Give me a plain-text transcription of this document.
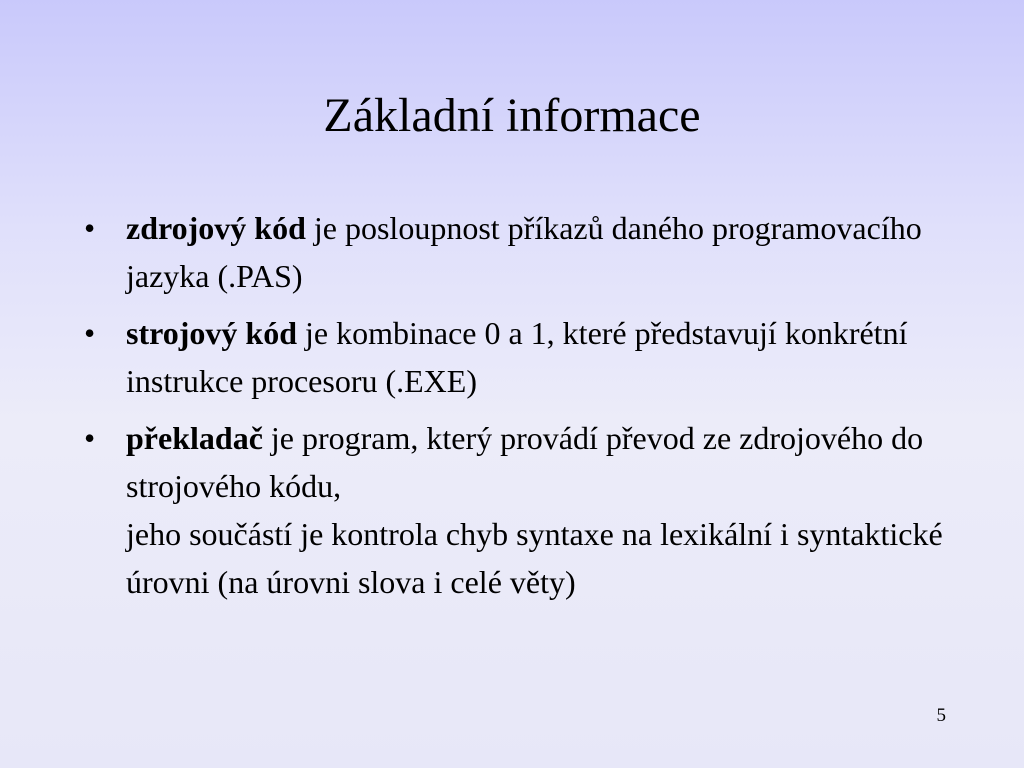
Základní informace
• zdrojový kód je posloupnost příkazů daného programovacího jazyka (.PAS)
• strojový kód je kombinace 0 a 1, které představují konkrétní instrukce procesoru (.EXE)
• překladač je program, který provádí převod ze zdrojového do strojového kódu,
jeho součástí je kontrola chyb syntaxe na lexikální i syntaktické úrovni (na úrovni slova i celé věty)
5
